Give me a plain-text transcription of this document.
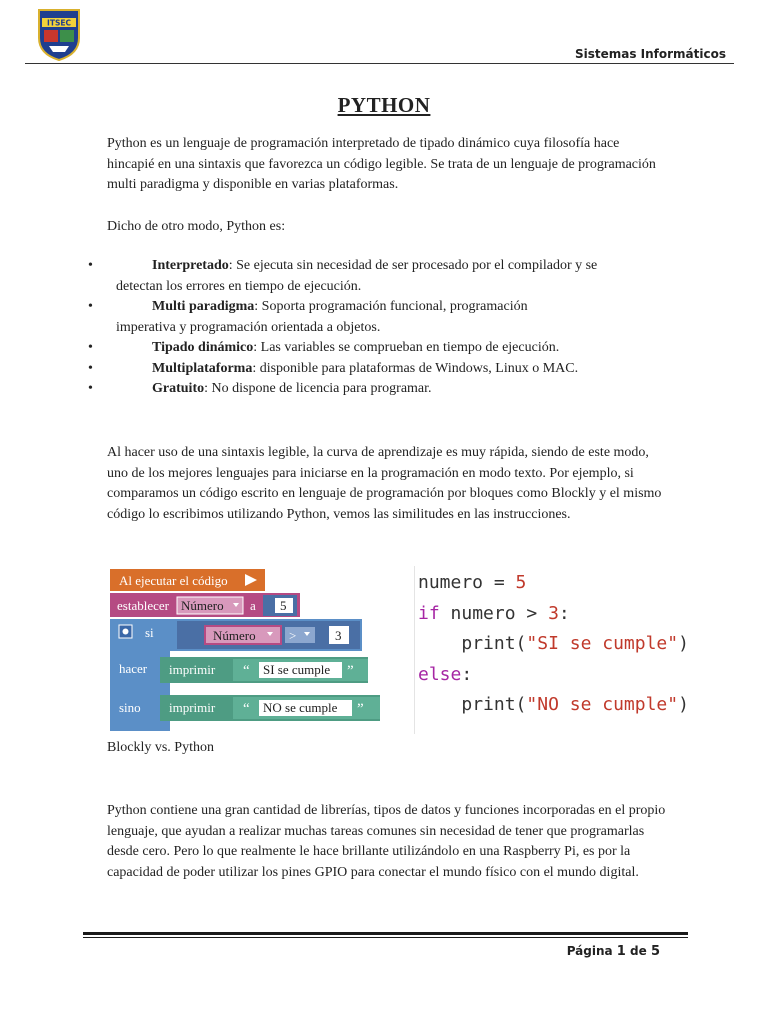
ITSEC
Sistemas Informáticos
PYTHON

Python es un lenguaje de programación interpretado de tipado dinámico cuya filosofía hace hincapié en una sintaxis que favorezca un código legible. Se trata de un lenguaje de programación multi paradigma y disponible en varias plataformas.

Dicho de otro modo, Python es:

•	Interpretado: Se ejecuta sin necesidad de ser procesado por el compilador y se
detectan los errores en tiempo de ejecución.
•	Multi paradigma: Soporta programación funcional, programación
imperativa y programación orientada a objetos.
•	Tipado dinámico: Las variables se comprueban en tiempo de ejecución.
•	Multiplataforma: disponible para plataformas de Windows, Linux o MAC.
•	Gratuito: No dispone de licencia para programar.

Al hacer uso de una sintaxis legible, la curva de aprendizaje es muy rápida, siendo de este modo, uno de los mejores lenguajes para iniciarse en la programación en modo texto. Por ejemplo, si comparamos un código escrito en lenguaje de programación por bloques como Blockly y el mismo código lo escribimos utilizando Python, vemos las similitudes en las instrucciones.

Al ejecutar el código
establecer Número a 5
si	Número	>	3
hacer imprimir “ SI se cumple ”
sino imprimir “ NO se cumple ”
numero = 5
if numero > 3:
print("SI se cumple")
else:
print("NO se cumple")
Blockly vs. Python

Python contiene una gran cantidad de librerías, tipos de datos y funciones incorporadas en el propio lenguaje, que ayudan a realizar muchas tareas comunes sin necesidad de tener que programarlas desde cero. Pero lo que realmente le hace brillante utilizándolo en una Raspberry Pi, es por la capacidad de poder utilizar los pines GPIO para conectar el mundo físico con el mundo digital.

Página 1 de 5
